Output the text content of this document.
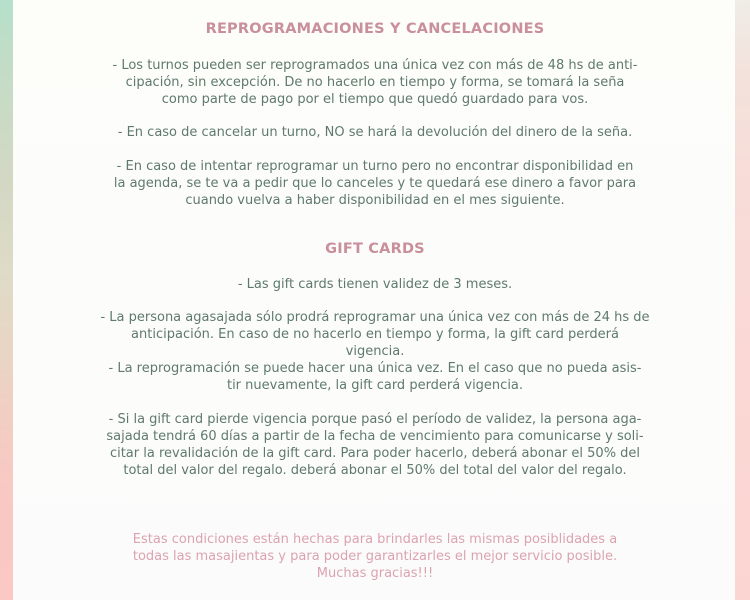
REPROGRAMACIONES Y CANCELACIONES

- Los turnos pueden ser reprogramados una única vez con más de 48 hs de anti-
cipación, sin excepción. De no hacerlo en tiempo y forma, se tomará la seña
como parte de pago por el tiempo que quedó guardado para vos.

- En caso de cancelar un turno, NO se hará la devolución del dinero de la seña.

- En caso de intentar reprogramar un turno pero no encontrar disponibilidad en
la agenda, se te va a pedir que lo canceles y te quedará ese dinero a favor para
cuando vuelva a haber disponibilidad en el mes siguiente.

GIFT CARDS

- Las gift cards tienen validez de 3 meses.

- La persona agasajada sólo prodrá reprogramar una única vez con más de 24 hs de
anticipación. En caso de no hacerlo en tiempo y forma, la gift card perderá vigencia.

- La reprogramación se puede hacer una única vez. En el caso que no pueda asis-
tir nuevamente, la gift card perderá vigencia.

- Si la gift card pierde vigencia porque pasó el período de validez, la persona aga-
sajada tendrá 60 días a partir de la fecha de vencimiento para comunicarse y soli-
citar la revalidación de la gift card. Para poder hacerlo, deberá abonar el 50% del
total del valor del regalo. deberá abonar el 50% del total del valor del regalo.

Estas condiciones están hechas para brindarles las mismas posiblidades a
todas las masajientas y para poder garantizarles el mejor servicio posible.
Muchas gracias!!!
